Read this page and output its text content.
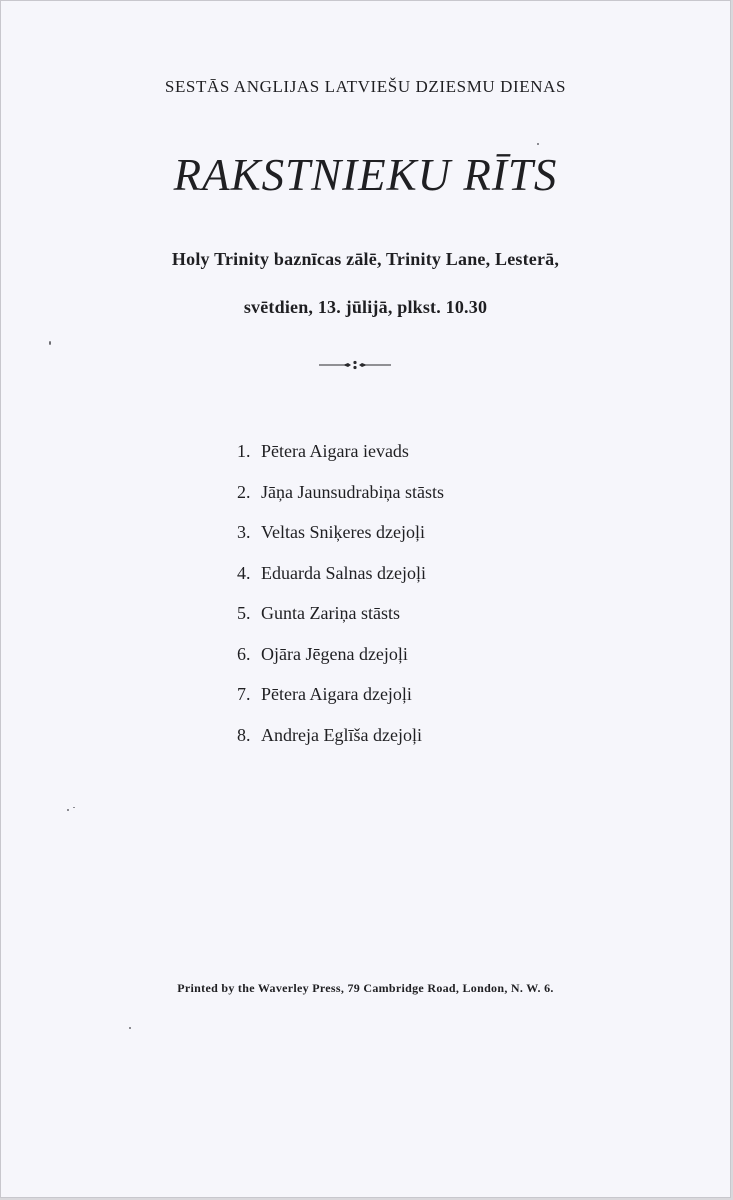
SESTĀS ANGLIJAS LATVIEŠU DZIESMU DIENAS
RAKSTNIEKU RĪTS
Holy Trinity baznīcas zālē, Trinity Lane, Lesterā,
svētdien, 13. jūlijā, plkst. 10.30
1. Pētera Aigara ievads
2. Jāņa Jaunsudrabiņa stāsts
3. Veltas Sniķeres dzejoļi
4. Eduarda Salnas dzejoļi
5. Gunta Zariņa stāsts
6. Ojāra Jēgena dzejoļi
7. Pētera Aigara dzejoļi
8. Andreja Eglīša dzejoļi
Printed by the Waverley Press, 79 Cambridge Road, London, N. W. 6.
